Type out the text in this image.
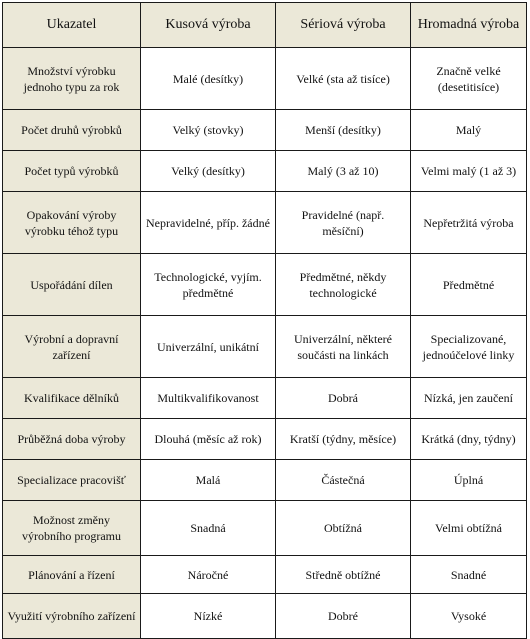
Ukazatel	Kusová výroba	Sériová výroba	Hromadná výroba
Množství výrobku jednoho typu za rok	Malé (desítky)	Velké (sta až tisíce)	Značně velké (desetitisíce)
Počet druhů výrobků	Velký (stovky)	Menší (desítky)	Malý
Počet typů výrobků	Velký (desítky)	Malý (3 až 10)	Velmi malý (1 až 3)
Opakování výroby výrobku téhož typu	Nepravidelné, příp. žádné	Pravidelné (např. měsíční)	Nepřetržitá výroba
Uspořádání dílen	Technologické, vyjím. předmětné	Předmětné, někdy technologické	Předmětné
Výrobní a dopravní zařízení	Univerzální, unikátní	Univerzální, některé součásti na linkách	Specializované, jednoúčelové linky
Kvalifikace dělníků	Multikvalifikovanost	Dobrá	Nízká, jen zaučení
Průběžná doba výroby	Dlouhá (měsíc až rok)	Kratší (týdny, měsíce)	Krátká (dny, týdny)
Specializace pracovišť	Malá	Částečná	Úplná
Možnost změny výrobního programu	Snadná	Obtížná	Velmi obtížná
Plánování a řízení	Náročné	Středně obtížné	Snadné
Využití výrobního zařízení	Nízké	Dobré	Vysoké
